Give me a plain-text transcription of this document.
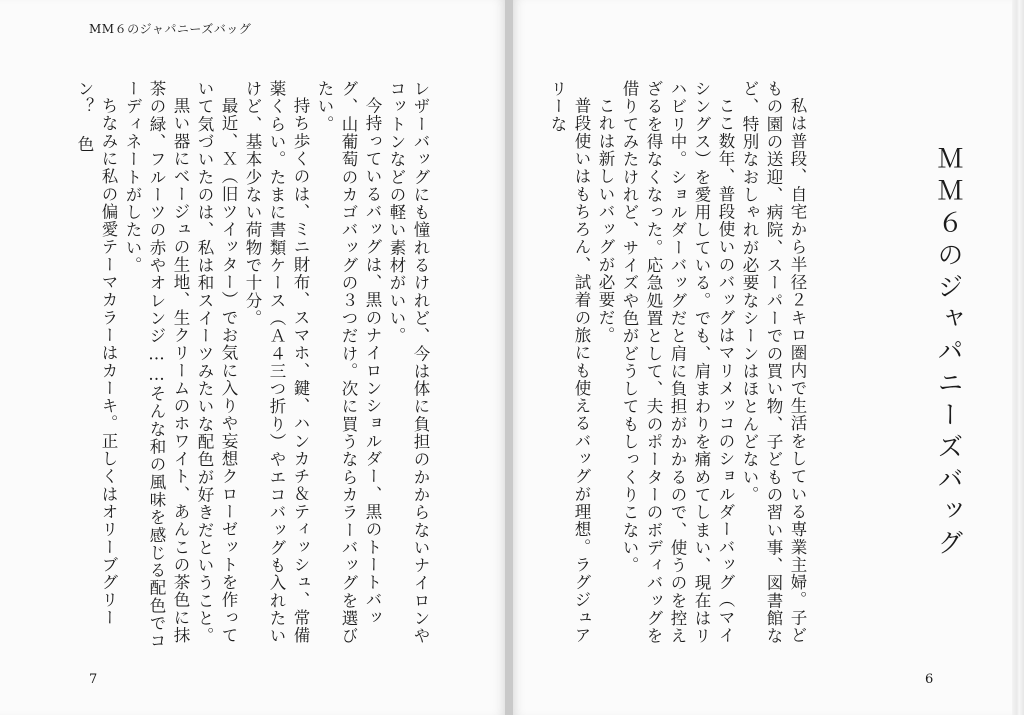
MM６のジャパニーズバッグ

レザーバッグにも憧れるけれど、今は体に負担のかからないナイロンやコットンなどの軽い素材がいい。

今持っているバッグは、黒のナイロンショルダー、黒のトートバッグ、山葡萄のカゴバッグの３つだけ。次に買うならカラーバッグを選びたい。

持ち歩くのは、ミニ財布、スマホ、鍵、ハンカチ＆ティッシュ、常備薬くらい。たまに書類ケース（Ａ４三つ折り）やエコバッグも入れたいけど、基本少ない荷物で十分。

最近、Ｘ（旧ツイッター）でお気に入りや妄想クローゼットを作っていて気づいたのは、私は和スイーツみたいな配色が好きだということ。

黒い器にベージュの生地、生クリームのホワイト、あんこの茶色に抹茶の緑、フルーツの赤やオレンジ……そんな和の風味を感じる配色でコーディネートがしたい。

ちなみに私の偏愛テーマカラーはカーキ。正しくはオリーブグリーン？ 色

7
ＭＭ６のジャパニーズバッグ

私は普段、自宅から半径２キロ圏内で生活をしている専業主婦。子どもの園の送迎、病院、スーパーでの買い物、子どもの習い事、図書館など、特別なおしゃれが必要なシーンはほとんどない。

ここ数年、普段使いのバッグはマリメッコのショルダーバッグ（マイシングス）を愛用している。でも、肩まわりを痛めてしまい、現在はリハビリ中。ショルダーバッグだと肩に負担がかかるので、使うのを控えざるを得なくなった。応急処置として、夫のポーターのボディバッグを借りてみたけれど、サイズや色がどうしてもしっくりこない。

これは新しいバッグが必要だ。

普段使いはもちろん、試着の旅にも使えるバッグが理想。ラグジュアリーな

6
